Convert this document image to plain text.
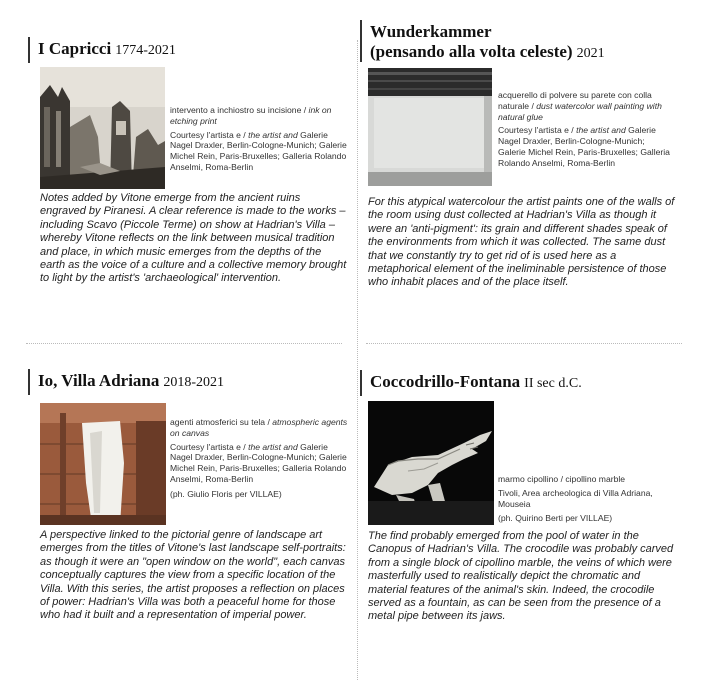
I Capricci 1774-2021
intervento a inchiostro su incisione / ink on etching print
Courtesy l'artista e / the artist and Galerie Nagel Draxler, Berlin-Cologne-Munich; Galerie Michel Rein, Paris-Bruxelles; Galleria Rolando Anselmi, Roma-Berlin
Notes added by Vitone emerge from the ancient ruins engraved by Piranesi. A clear reference is made to the works – including Scavo (Piccole Terme) on show at Hadrian's Villa – whereby Vitone reflects on the link between musical tradition and place, in which music emerges from the depths of the earth as the voice of a culture and a collective memory brought to light by the artist's 'archaeological' intervention.
Wunderkammer
(pensando alla volta celeste) 2021
acquerello di polvere su parete con colla naturale / dust watercolor wall painting with natural glue
Courtesy l'artista e / the artist and Galerie Nagel Draxler, Berlin-Cologne-Munich; Galerie Michel Rein, Paris-Bruxelles; Galleria Rolando Anselmi, Roma-Berlin
For this atypical watercolour the artist paints one of the walls of the room using dust collected at Hadrian's Villa as though it were an 'anti-pigment': its grain and different shades speak of the environments from which it was collected. The same dust that we constantly try to get rid of is used here as a metaphorical element of the ineliminable persistence of those who inhabit places and of the place itself.
Io, Villa Adriana 2018-2021
agenti atmosferici su tela / atmospheric agents on canvas
Courtesy l'artista e / the artist and Galerie Nagel Draxler, Berlin-Cologne-Munich; Galerie Michel Rein, Paris-Bruxelles; Galleria Rolando Anselmi, Roma-Berlin
(ph. Giulio Floris per VILLAE)
A perspective linked to the pictorial genre of landscape art emerges from the titles of Vitone's last landscape self-portraits: as though it were an "open window on the world", each canvas conceptually captures the view from a specific location of the Villa. With this series, the artist proposes a reflection on places of power: Hadrian's Villa was both a peaceful home for those who had it built and a representation of imperial power.
Coccodrillo-Fontana II sec d.C.
marmo cipollino / cipollino marble
Tivoli, Area archeologica di Villa Adriana, Mouseia
(ph. Quirino Berti per VILLAE)
The find probably emerged from the pool of water in the Canopus of Hadrian's Villa. The crocodile was probably carved from a single block of cipollino marble, the veins of which were masterfully used to realistically depict the chromatic and material features of the animal's skin. Indeed, the crocodile served as a fountain, as can be seen from the presence of a metal pipe between its jaws.
